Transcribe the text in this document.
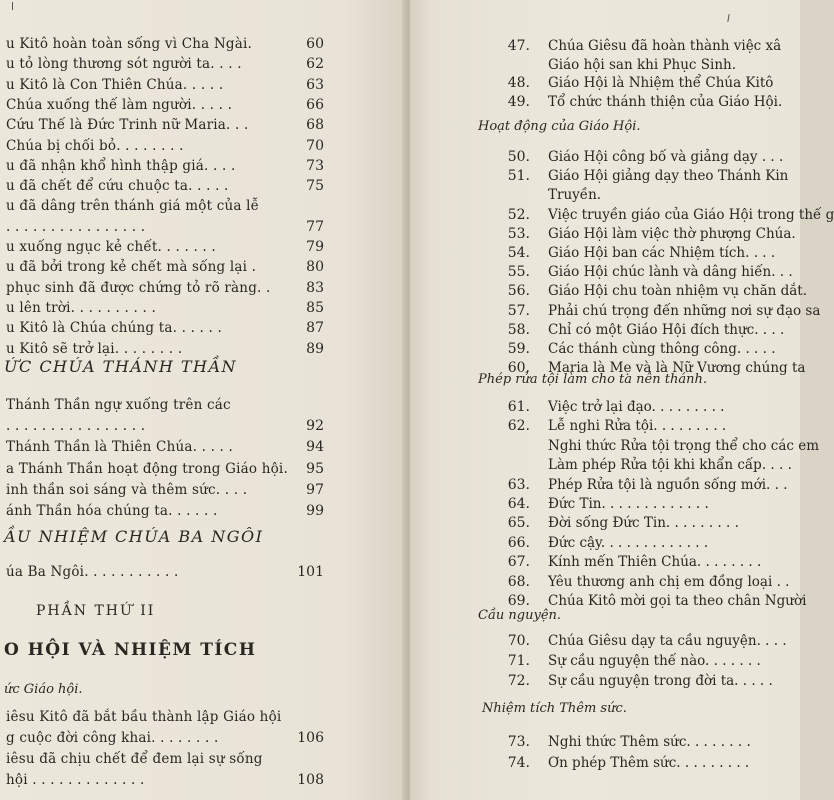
u Kitô hoàn toàn sống vì Cha Ngài.	60
u tỏ lòng thương sót người ta. . . .	62
u Kitô là Con Thiên Chúa. . . . .	63
Chúa xuống thế làm người. . . . .	66
Cứu Thế là Đức Trinh nữ Maria. . .	68
Chúa bị chối bỏ. . . . . . . .	70
u đã nhận khổ hình thập giá. . . .	73
u đã chết để cứu chuộc ta. . . . .	75
u đã dâng trên thánh giá một của lễ
. . . . . . . . . . . . . . . .	77
u xuống ngục kẻ chết. . . . . . .	79
u đã bởi trong kẻ chết mà sống lại .	80
phục sinh đã được chứng tỏ rõ ràng. .	83
u lên trời. . . . . . . . . .	85
u Kitô là Chúa chúng ta. . . . . .	87
u Kitô sẽ trở lại. . . . . . . .	89
ỨC CHÚA THÁNH THẦN
Thánh Thần ngự xuống trên các
. . . . . . . . . . . . . . . .	92
Thánh Thần là Thiên Chúa. . . . .	94
a Thánh Thần hoạt động trong Giáo hội.	95
inh thần soi sáng và thêm sức. . . .	97
ánh Thần hóa chúng ta. . . . . .	99
ẦU NHIỆM CHÚA BA NGÔI
úa Ba Ngôi. . . . . . . . . . .	101
PHẦN THỨ II
O HỘI VÀ NHIỆM TÍCH
ức Giáo hội.
iêsu Kitô đã bắt bầu thành lập Giáo hội
g cuộc đời công khai. . . . . . . .	106
iêsu đã chịu chết để đem lại sự sống
hội . . . . . . . . . . . . .	108
47. Chúa Giêsu đã hoàn thành việc xâ
Giáo hội san khi Phục Sinh.
48. Giáo Hội là Nhiệm thể Chúa Kitô
49. Tổ chức thánh thiện của Giáo Hội.
Hoạt động của Giáo Hội.
50. Giáo Hội công bố và giảng dạy . . .
51. Giáo Hội giảng dạy theo Thánh Kin
Truyền.
52. Việc truyền giáo của Giáo Hội trong thế g
53. Giáo Hội làm việc thờ phượng Chúa.
54. Giáo Hội ban các Nhiệm tích. . . .
55. Giáo Hội chúc lành và dâng hiến. . .
56. Giáo Hội chu toàn nhiệm vụ chăn dắt.
57. Phải chú trọng đến những nơi sự đạo sa
58. Chỉ có một Giáo Hội đích thực. . . .
59. Các thánh cùng thông công. . . . .
60. Maria là Mẹ và là Nữ Vương chúng ta
Phép rửa tội làm cho ta nên thánh.
61. Việc trở lại đạo. . . . . . . . .
62. Lễ nghi Rửa tội. . . . . . . . .
Nghi thức Rửa tội trọng thể cho các em
Làm phép Rửa tội khi khẩn cấp. . . .
63. Phép Rửa tội là nguồn sống mới. . .
64. Đức Tin. . . . . . . . . . . . .
65. Đời sống Đức Tin. . . . . . . . .
66. Đức cậy. . . . . . . . . . . . .
67. Kính mến Thiên Chúa. . . . . . . .
68. Yêu thương anh chị em đồng loại . .
69. Chúa Kitô mời gọi ta theo chân Người
Cầu nguyện.
70. Chúa Giêsu dạy ta cầu nguyện. . . .
71. Sự cầu nguyện thế nào. . . . . . .
72. Sự cầu nguyện trong đời ta. . . . .
Nhiệm tích Thêm sức.
73. Nghi thức Thêm sức. . . . . . . .
74. Ơn phép Thêm sức. . . . . . . . .
